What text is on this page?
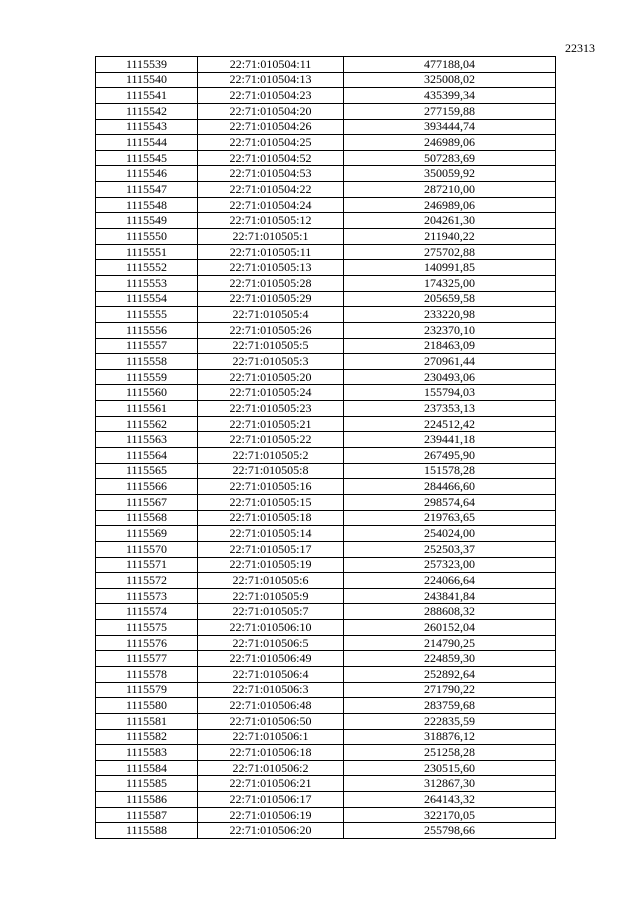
22313
1115539	22:71:010504:11	477188,04
1115540	22:71:010504:13	325008,02
1115541	22:71:010504:23	435399,34
1115542	22:71:010504:20	277159,88
1115543	22:71:010504:26	393444,74
1115544	22:71:010504:25	246989,06
1115545	22:71:010504:52	507283,69
1115546	22:71:010504:53	350059,92
1115547	22:71:010504:22	287210,00
1115548	22:71:010504:24	246989,06
1115549	22:71:010505:12	204261,30
1115550	22:71:010505:1	211940,22
1115551	22:71:010505:11	275702,88
1115552	22:71:010505:13	140991,85
1115553	22:71:010505:28	174325,00
1115554	22:71:010505:29	205659,58
1115555	22:71:010505:4	233220,98
1115556	22:71:010505:26	232370,10
1115557	22:71:010505:5	218463,09
1115558	22:71:010505:3	270961,44
1115559	22:71:010505:20	230493,06
1115560	22:71:010505:24	155794,03
1115561	22:71:010505:23	237353,13
1115562	22:71:010505:21	224512,42
1115563	22:71:010505:22	239441,18
1115564	22:71:010505:2	267495,90
1115565	22:71:010505:8	151578,28
1115566	22:71:010505:16	284466,60
1115567	22:71:010505:15	298574,64
1115568	22:71:010505:18	219763,65
1115569	22:71:010505:14	254024,00
1115570	22:71:010505:17	252503,37
1115571	22:71:010505:19	257323,00
1115572	22:71:010505:6	224066,64
1115573	22:71:010505:9	243841,84
1115574	22:71:010505:7	288608,32
1115575	22:71:010506:10	260152,04
1115576	22:71:010506:5	214790,25
1115577	22:71:010506:49	224859,30
1115578	22:71:010506:4	252892,64
1115579	22:71:010506:3	271790,22
1115580	22:71:010506:48	283759,68
1115581	22:71:010506:50	222835,59
1115582	22:71:010506:1	318876,12
1115583	22:71:010506:18	251258,28
1115584	22:71:010506:2	230515,60
1115585	22:71:010506:21	312867,30
1115586	22:71:010506:17	264143,32
1115587	22:71:010506:19	322170,05
1115588	22:71:010506:20	255798,66
